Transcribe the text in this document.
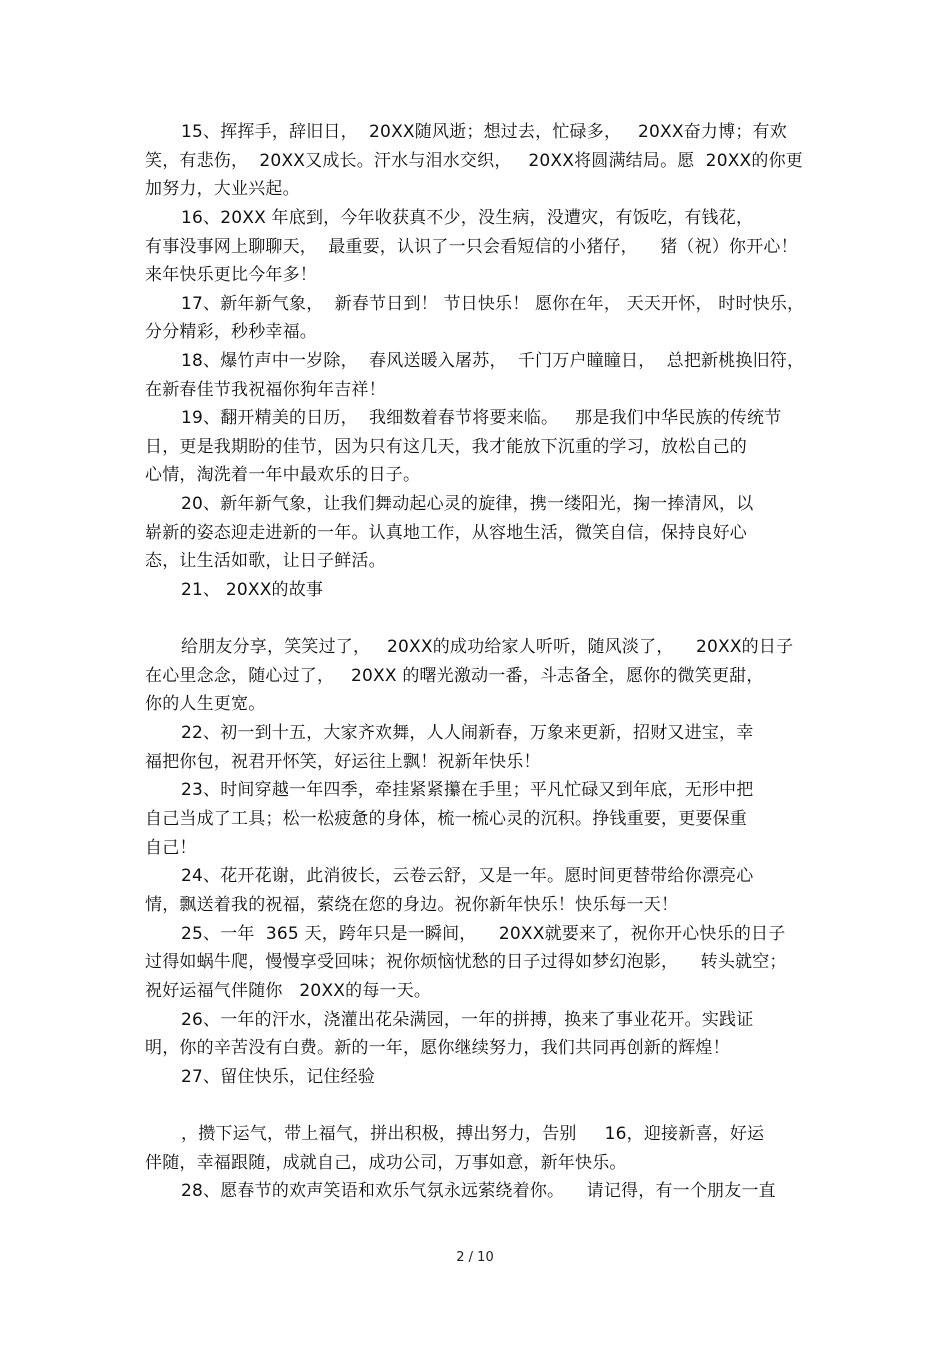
15、挥挥手，辞旧日，  20XX随风逝；想过去，忙碌多，   20XX奋力博；有欢
笑，有悲伤，  20XX又成长。汗水与泪水交织，   20XX将圆满结局。愿  20XX的你更
加努力，大业兴起。
16、20XX 年底到，今年收获真不少，没生病，没遭灾，有饭吃，有钱花，
有事没事网上聊聊天，  最重要，认识了一只会看短信的小猪仔，    猪（祝）你开心！
来年快乐更比今年多！
17、新年新气象，  新春节日到！ 节日快乐！ 愿你在年， 天天开怀， 时时快乐，
分分精彩，秒秒幸福。
18、爆竹声中一岁除，  春风送暖入屠苏，  千门万户瞳瞳日，  总把新桃换旧符，
在新春佳节我祝福你狗年吉祥！
19、翻开精美的日历，  我细数着春节将要来临。   那是我们中华民族的传统节
日，更是我期盼的佳节，因为只有这几天，我才能放下沉重的学习，放松自己的
心情，淘洗着一年中最欢乐的日子。
20、新年新气象，让我们舞动起心灵的旋律，携一缕阳光，掬一捧清风，以
崭新的姿态迎走进新的一年。认真地工作，从容地生活，微笑自信，保持良好心
态，让生活如歌，让日子鲜活。
21、 20XX的故事
给朋友分享，笑笑过了，   20XX的成功给家人听听，随风淡了，    20XX的日子
在心里念念，随心过了，   20XX 的曙光激动一番，斗志备全，愿你的微笑更甜，
你的人生更宽。
22、初一到十五，大家齐欢舞，人人闹新春，万象来更新，招财又进宝，幸
福把你包，祝君开怀笑，好运往上飘！祝新年快乐！
23、时间穿越一年四季，牵挂紧紧攥在手里；平凡忙碌又到年底，无形中把
自己当成了工具；松一松疲惫的身体，梳一梳心灵的沉积。挣钱重要，更要保重
自己！
24、花开花谢，此消彼长，云卷云舒，又是一年。愿时间更替带给你漂亮心
情，飘送着我的祝福，萦绕在您的身边。祝你新年快乐！快乐每一天！
25、一年  365 天，跨年只是一瞬间，    20XX就要来了，祝你开心快乐的日子
过得如蜗牛爬，慢慢享受回味；祝你烦恼忧愁的日子过得如梦幻泡影，    转头就空；
祝好运福气伴随你   20XX的每一天。
26、一年的汗水，浇灌出花朵满园，一年的拼搏，换来了事业花开。实践证
明，你的辛苦没有白费。新的一年，愿你继续努力，我们共同再创新的辉煌！
27、留住快乐，记住经验
，攒下运气，带上福气，拼出积极，搏出努力，告别     16，迎接新喜，好运
伴随，幸福跟随，成就自己，成功公司，万事如意，新年快乐。
28、愿春节的欢声笑语和欢乐气氛永远萦绕着你。    请记得，有一个朋友一直
2 / 10
